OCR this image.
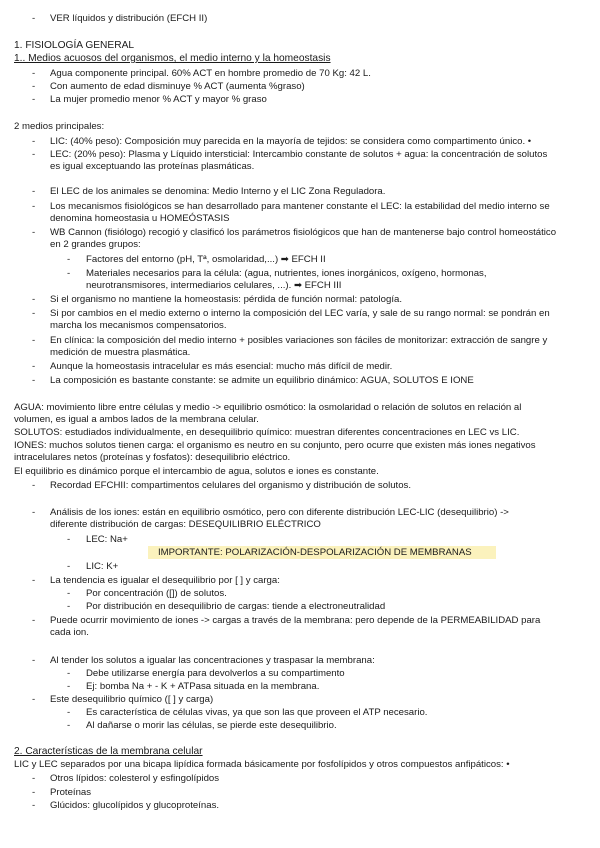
- VER líquidos y distribución (EFCH II)
1. FISIOLOGÍA GENERAL
1.. Medios acuosos del organismos, el medio interno y la homeostasis
- Agua componente principal. 60% ACT en hombre promedio de 70 Kg: 42 L.
- Con aumento de edad disminuye % ACT (aumenta %graso)
- La mujer promedio menor % ACT y mayor % graso
2 medios principales:
- LIC: (40% peso): Composición muy parecida en la mayoría de tejidos: se considera como compartimento único. •
- LEC: (20% peso): Plasma y Líquido intersticial: Intercambio constante de solutos + agua: la concentración de solutos
es igual exceptuando las proteínas plasmáticas.
- El LEC de los animales se denomina: Medio Interno y el LIC Zona Reguladora.
- Los mecanismos fisiológicos se han desarrollado para mantener constante el LEC: la estabilidad del medio interno se
denomina homeostasia u HOMEÓSTASIS
- WB Cannon (fisiólogo) recogió y clasificó los parámetros fisiológicos que han de mantenerse bajo control homeostático
en 2 grandes grupos:
- Factores del entorno (pH, Tª, osmolaridad,...) ➡ EFCH II
- Materiales necesarios para la célula: (agua, nutrientes, iones inorgánicos, oxígeno, hormonas,
neurotransmisores, intermediarios celulares, ...). ➡ EFCH III
- Si el organismo no mantiene la homeostasis: pérdida de función normal: patología.
- Si por cambios en el medio externo o interno la composición del LEC varía, y sale de su rango normal: se pondrán en
marcha los mecanismos compensatorios.
- En clínica: la composición del medio interno + posibles variaciones son fáciles de monitorizar: extracción de sangre y
medición de muestra plasmática.
- Aunque la homeostasis intracelular es más esencial: mucho más difícil de medir.
- La composición es bastante constante: se admite un equilibrio dinámico: AGUA, SOLUTOS E IONE
AGUA: movimiento libre entre células y medio -> equilibrio osmótico: la osmolaridad o relación de solutos en relación al
volumen, es igual a ambos lados de la membrana celular.
SOLUTOS: estudiados individualmente, en desequilibrio químico: muestran diferentes concentraciones en LEC vs LIC.
IONES: muchos solutos tienen carga: el organismo es neutro en su conjunto, pero ocurre que existen más iones negativos
intracelulares netos (proteínas y fosfatos): desequilibrio eléctrico.
El equilibrio es dinámico porque el intercambio de agua, solutos e iones es constante.
- Recordad EFCHII: compartimentos celulares del organismo y distribución de solutos.
- Análisis de los iones: están en equilibrio osmótico, pero con diferente distribución LEC-LIC (desequilibrio) ->
diferente distribución de cargas: DESEQUILIBRIO ELÉCTRICO
- LEC: Na+
IMPORTANTE: POLARIZACIÓN-DESPOLARIZACIÓN DE MEMBRANAS
- LIC: K+
- La tendencia es igualar el desequilibrio por [ ] y carga:
- Por concentración ([]) de solutos.
- Por distribución en desequilibrio de cargas: tiende a electroneutralidad
- Puede ocurrir movimiento de iones -> cargas a través de la membrana: pero depende de la PERMEABILIDAD para
cada ion.
- Al tender los solutos a igualar las concentraciones y traspasar la membrana:
- Debe utilizarse energía para devolverlos a su compartimento
- Ej: bomba Na + - K + ATPasa situada en la membrana.
- Este desequilibrio químico ([ ] y carga)
- Es característica de células vivas, ya que son las que proveen el ATP necesario.
- Al dañarse o morir las células, se pierde este desequilibrio.
2. Características de la membrana celular
LIC y LEC separados por una bicapa lipídica formada básicamente por fosfolípidos y otros compuestos anfipáticos: •
- Otros lípidos: colesterol y esfingolípidos
- Proteínas
- Glúcidos: glucolípidos y glucoproteínas.
